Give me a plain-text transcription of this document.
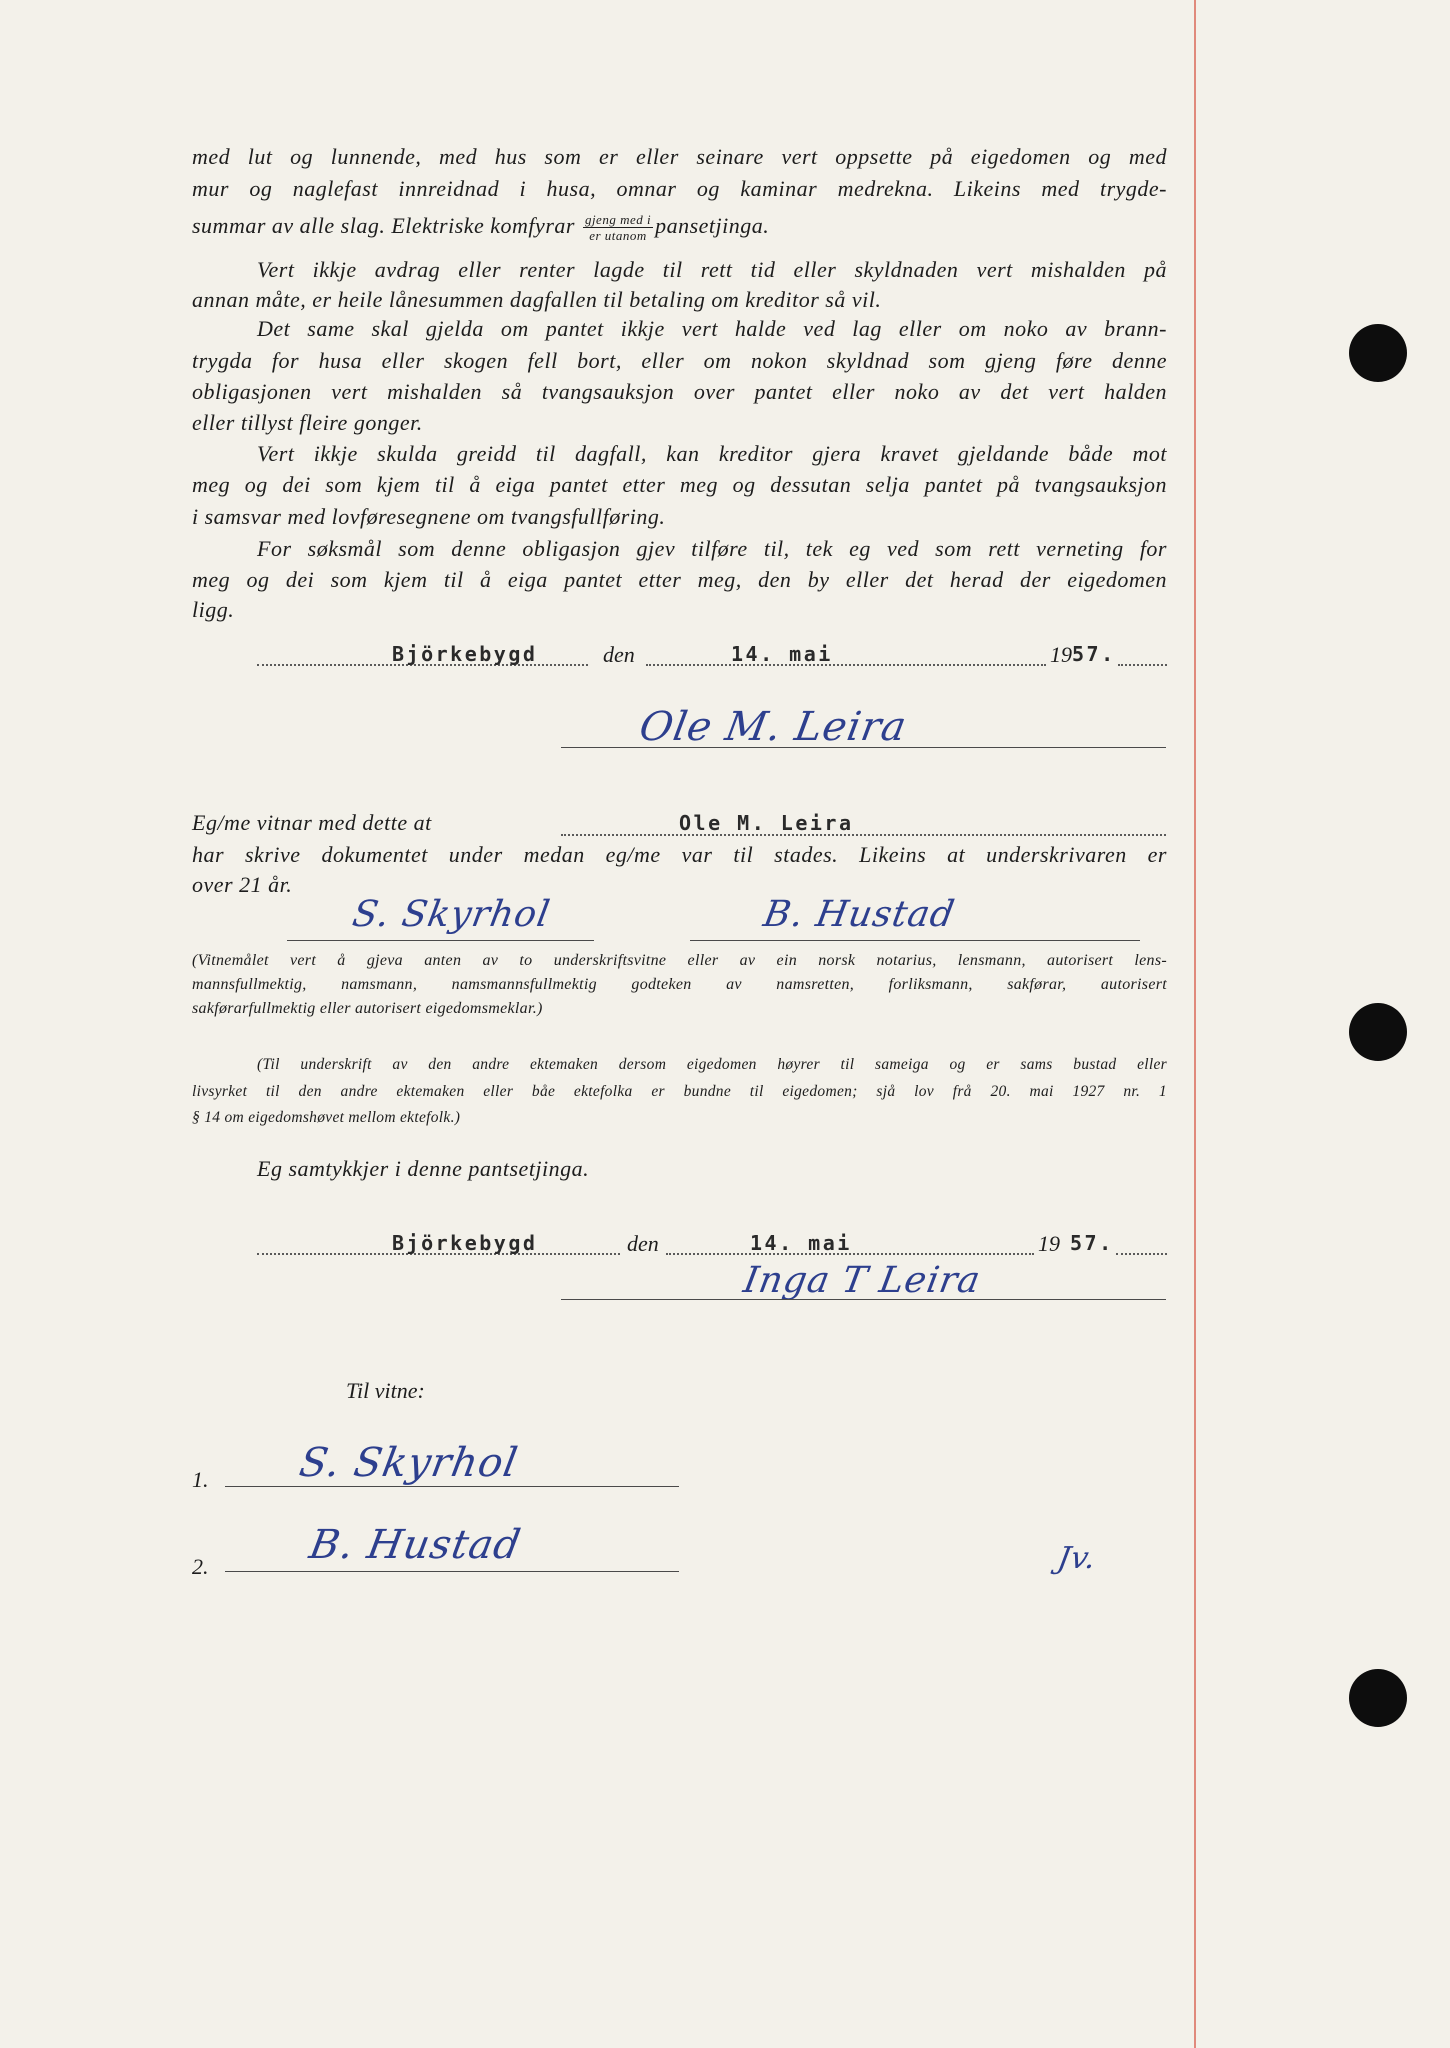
med lut og lunnende, med hus som er eller seinare vert oppsette på eigedomen og med
mur og naglefast innreidnad i husa, omnar og kaminar medrekna. Likeins med trygde-
summar av alle slag. Elektriske komfyrar $\frac{\text{gjeng med i}}{\text{er utanom}}$ pansetjinga.
Vert ikkje avdrag eller renter lagde til rett tid eller skyldnaden vert mishalden på
annan måte, er heile lånesummen dagfallen til betaling om kreditor så vil.
Det same skal gjelda om pantet ikkje vert halde ved lag eller om noko av brann-
trygda for husa eller skogen fell bort, eller om nokon skyldnad som gjeng føre denne
obligasjonen vert mishalden så tvangsauksjon over pantet eller noko av det vert halden
eller tillyst fleire gonger.
Vert ikkje skulda greidd til dagfall, kan kreditor gjera kravet gjeldande både mot
meg og dei som kjem til å eiga pantet etter meg og dessutan selja pantet på tvangsauksjon
i samsvar med lovføresegnene om tvangsfullføring.
For søksmål som denne obligasjon gjev tilføre til, tek eg ved som rett verneting for
meg og dei som kjem til å eiga pantet etter meg, den by eller det herad der eigedomen
ligg.
Björkebygd	den	14. mai	19 57.
Ole M. Leira
Eg/me vitnar med dette at	Ole M. Leira
har skrive dokumentet under medan eg/me var til stades. Likeins at underskrivaren er
over 21 år.
S. Skyrhol	B. Hustad
(Vitnemålet vert å gjeva anten av to underskriftsvitne eller av ein norsk notarius, lensmann, autorisert lens-
mannsfullmektig, namsmann, namsmannsfullmektig godteken av namsretten, forliksmann, sakførar, autorisert
sakførarfullmektig eller autorisert eigedomsmeklar.)
(Til underskrift av den andre ektemaken dersom eigedomen høyrer til sameiga og er sams bustad eller
livsyrket til den andre ektemaken eller båe ektefolka er bundne til eigedomen; sjå lov frå 20. mai 1927 nr. 1
§ 14 om eigedomshøvet mellom ektefolk.)
Eg samtykkjer i denne pantsetjinga.
Björkebygd	den	14. mai	19 57.
Inga T Leira
Til vitne:
1. S. Skyrhol
2. B. Hustad	Jv.
